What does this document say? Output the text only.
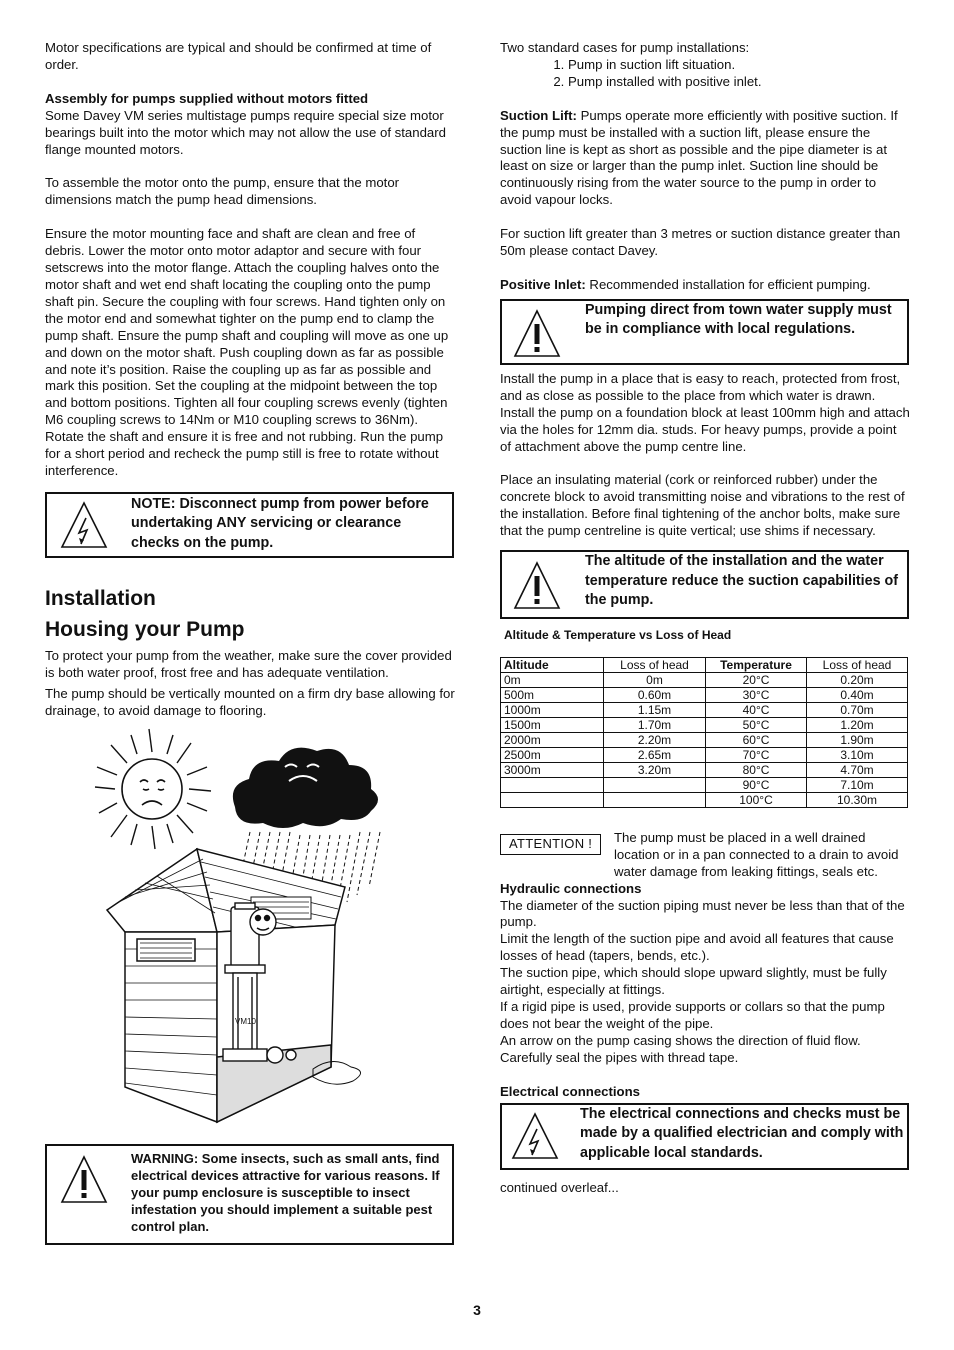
Motor specifications are typical and should be confirmed at time of order.

Assembly for pumps supplied without motors fitted

Some Davey VM series multistage pumps require special size motor bearings built into the motor which may not allow the use of standard flange mounted motors.

To assemble the motor onto the pump, ensure that the motor dimensions match the pump head dimensions.

Ensure the motor mounting face and shaft are clean and free of debris. Lower the motor onto motor adaptor and secure with four setscrews into the motor flange. Attach the coupling halves onto the motor shaft and wet end shaft locating the coupling onto the pump shaft pin. Secure the coupling with four screws. Hand tighten only on the motor end and somewhat tighter on the pump end to clamp the pump shaft. Ensure the pump shaft and coupling will move as one up and down on the motor shaft. Push coupling down as far as possible and note it’s position. Raise the coupling up as far as possible and mark this position. Set the coupling at the midpoint between the top and bottom positions. Tighten all four coupling screws evenly (tighten M6 coupling screws to 14Nm or M10 coupling screws to 36Nm). Rotate the shaft and ensure it is free and not rubbing. Run the pump for a short period and recheck the pump still is free to rotate without interference.

NOTE: Disconnect pump from power before undertaking ANY servicing or clearance checks on the pump.
Installation
Housing your Pump

To protect your pump from the weather, make sure the cover provided is both water proof, frost free and has adequate ventilation.

The pump should be vertically mounted on a firm dry base allowing for drainage, to avoid damage to flooring.

VM10
WARNING: Some insects, such as small ants, find electrical devices attractive for various reasons. If your pump enclosure is susceptible to insect infestation you should implement a suitable pest control plan.

Two standard cases for pump installations:

1. Pump in suction lift situation.
2. Pump installed with positive inlet.

Suction Lift: Pumps operate more efficiently with positive suction. If the pump must be installed with a suction lift, please ensure the suction line is kept as short as possible and the pipe diameter is at least on size or larger than the pump inlet. Suction line should be continuously rising from the water source to the pump in order to avoid vapour locks.

For suction lift greater than 3 metres or suction distance greater than 50m please contact Davey.

Positive Inlet: Recommended installation for efficient pumping.

Pumping direct from town water supply must be in compliance with local regulations.

Install the pump in a place that is easy to reach, protected from frost, and as close as possible to the place from which water is drawn.

Install the pump on a foundation block at least 100mm high and attach via the holes for 12mm dia. studs. For heavy pumps, provide a point of attachment above the pump centre line.

Place an insulating material (cork or reinforced rubber) under the concrete block to avoid transmitting noise and vibrations to the rest of the installation. Before final tightening of the anchor bolts, make sure that the pump centreline is quite vertical; use shims if necessary.

The altitude of the installation and the water temperature reduce the suction capabilities of the pump.

Altitude & Temperature vs Loss of Head

Altitude	Loss of head	Temperature	Loss of head
0m	0m	20°C	0.20m
500m	0.60m	30°C	0.40m
1000m	1.15m	40°C	0.70m
1500m	1.70m	50°C	1.20m
2000m	2.20m	60°C	1.90m
2500m	2.65m	70°C	3.10m
3000m	3.20m	80°C	4.70m
		90°C	7.10m
		100°C	10.30m
ATTENTION !	The pump must be placed in a well drained location or in a pan connected to a drain to avoid water damage from leaking fittings, seals etc.

Hydraulic connections

The diameter of the suction piping must never be less than that of the pump.

Limit the length of the suction pipe and avoid all features that cause losses of head (tapers, bends, etc.).

The suction pipe, which should slope upward slightly, must be fully airtight, especially at fittings.

If a rigid pipe is used, provide supports or collars so that the pump does not bear the weight of the pipe.

An arrow on the pump casing shows the direction of fluid flow. Carefully seal the pipes with thread tape.

Electrical connections

The electrical connections and checks must be made by a qualified electrician and comply with applicable local standards.

continued overleaf...

3
